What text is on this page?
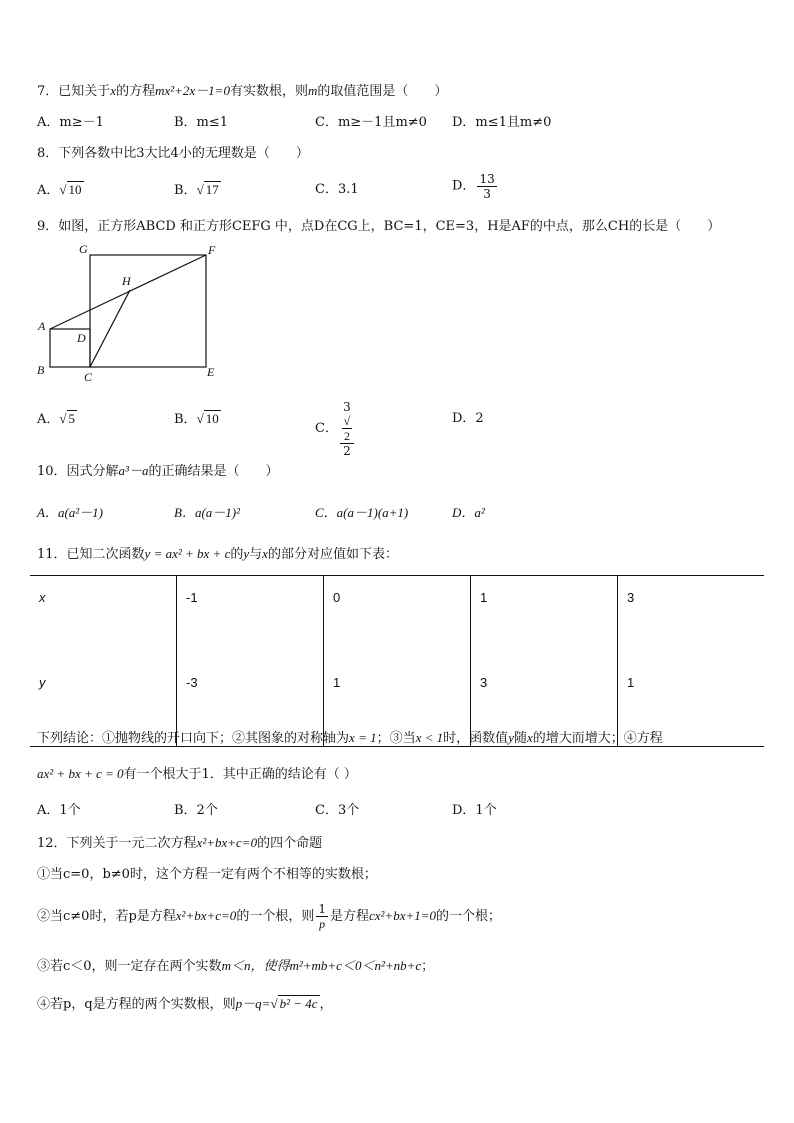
7．已知关于x的方程mx²+2x－1=0有实数根，则m的取值范围是（　　）
A．m≥－1	B．m≤1	C．m≥－1且m≠0 D．m≤1且m≠0
8．下列各数中比3大比4小的无理数是（　　）
A．√ 10	B．√ 17	C．3.1	D． $\frac{13}{3}$
9．如图，正方形ABCD 和正方形CEFG 中，点D在CG上，BC=1，CE=3，H是AF的中点，那么CH的长是（　　）
G	F
H
A
D
B	C	E
A．√ 5	B．√ 10
C． 3
√
2
2	D．2
10．因式分解a³－a的正确结果是（　　）
A．a(a²－1)	B．a(a－1)²	C．a(a－1)(a+1)	D．a²
11．已知二次函数y = ax² + bx + c的y与x的部分对应值如下表：
x	-1	0	1	3
y	-3	1	3	1
下列结论：①抛物线的开口向下；②其图象的对称轴为x = 1；③当x < 1时，函数值y随x的增大而增大；④方程
ax² + bx + c = 0有一个根大于1．其中正确的结论有（ ）
A．1个	B．2个	C．3个	D．1个
12．下列关于一元二次方程x²+bx+c=0的四个命题
①当c=0，b≠0时，这个方程一定有两个不相等的实数根；
②当c≠0时，若p是方程x²+bx+c=0的一个根，则 $\frac{1}{p}$ 是方程cx²+bx+1=0的一个根；
③若c＜0，则一定存在两个实数m＜n，使得m²+mb+c＜0＜n²+nb+c；
④若p，q是方程的两个实数根，则p－q=√ b² − 4c ，
